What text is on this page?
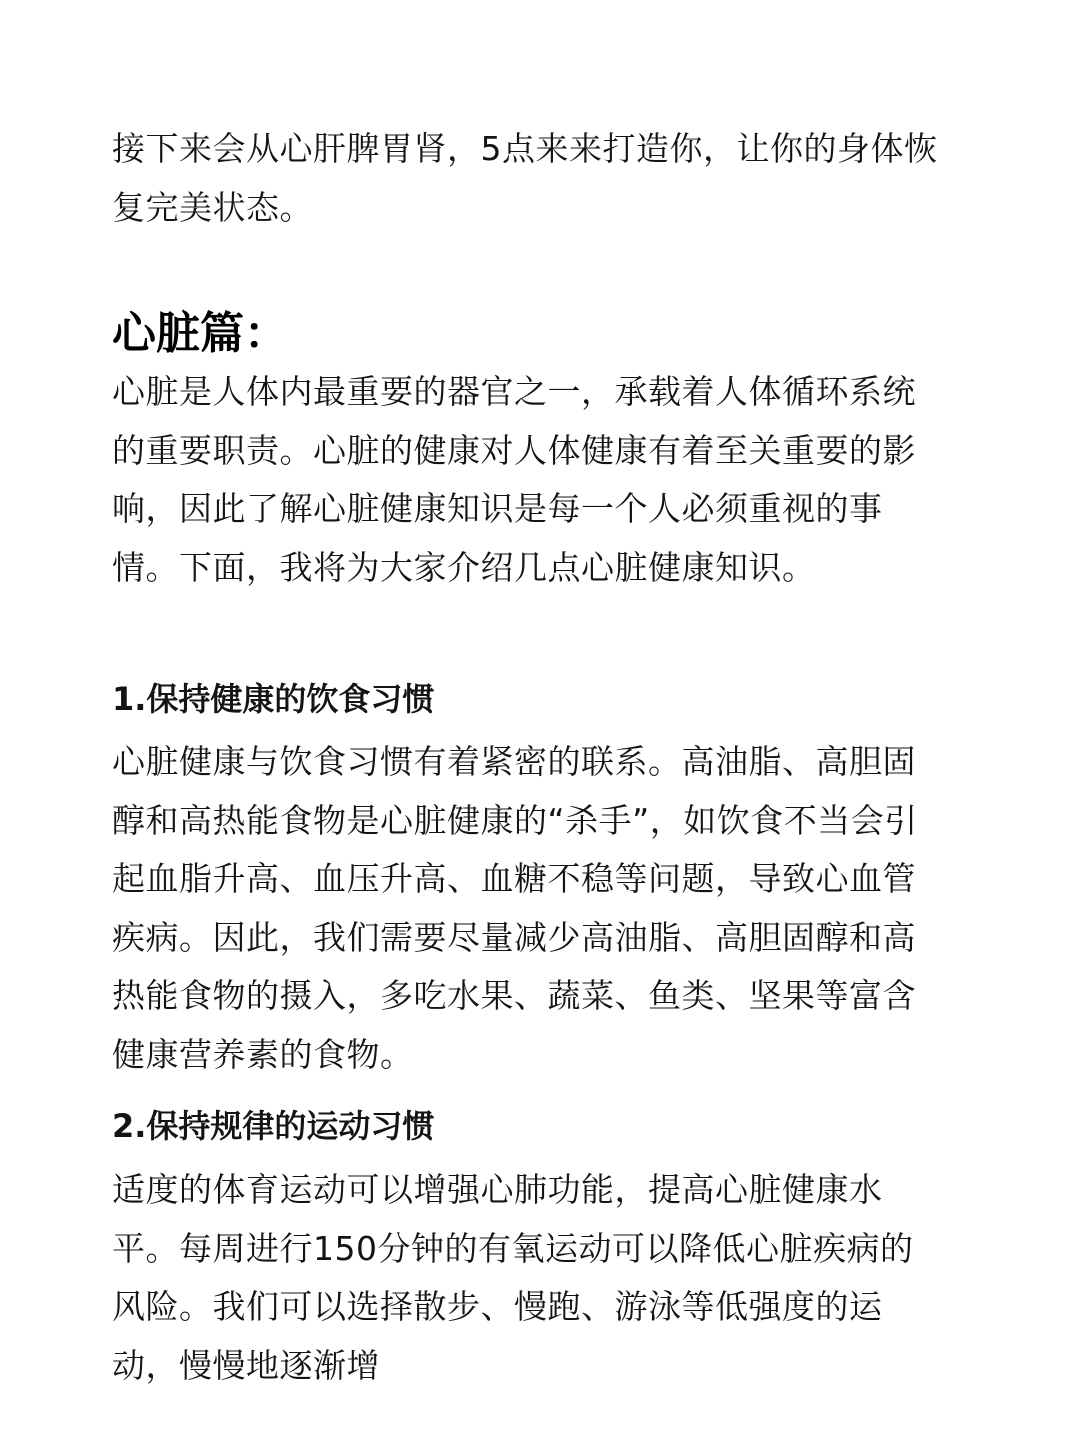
接下来会从心肝脾胃肾，5点来来打造你，让你的身体恢复完美状态。

心脏篇：

心脏是人体内最重要的器官之一，承载着人体循环系统的重要职责。心脏的健康对人体健康有着至关重要的影响，因此了解心脏健康知识是每一个人必须重视的事情。下面，我将为大家介绍几点心脏健康知识。

1.保持健康的饮食习惯

心脏健康与饮食习惯有着紧密的联系。高油脂、高胆固醇和高热能食物是心脏健康的“杀手”，如饮食不当会引起血脂升高、血压升高、血糖不稳等问题，导致心血管疾病。因此，我们需要尽量减少高油脂、高胆固醇和高热能食物的摄入，多吃水果、蔬菜、鱼类、坚果等富含健康营养素的食物。

2.保持规律的运动习惯

适度的体育运动可以增强心肺功能，提高心脏健康水平。每周进行150分钟的有氧运动可以降低心脏疾病的风险。我们可以选择散步、慢跑、游泳等低强度的运动，慢慢地逐渐增
